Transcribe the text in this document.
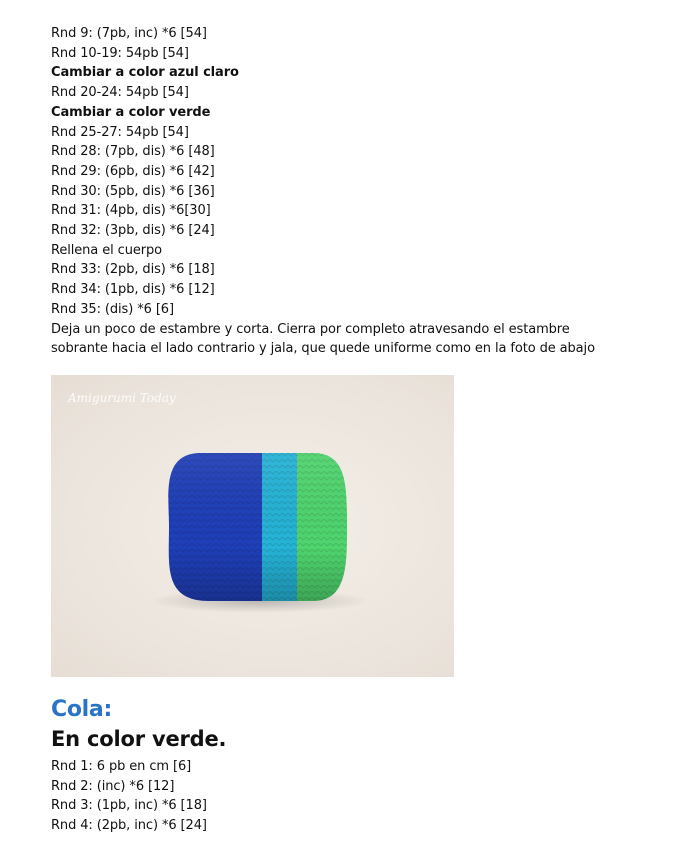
Rnd 9: (7pb, inc) *6 [54]

Rnd 10-19: 54pb [54]

Cambiar a color azul claro

Rnd 20-24: 54pb [54]

Cambiar a color verde

Rnd 25-27: 54pb [54]

Rnd 28: (7pb, dis) *6 [48]

Rnd 29: (6pb, dis) *6 [42]

Rnd 30: (5pb, dis) *6 [36]

Rnd 31: (4pb, dis) *6[30]

Rnd 32: (3pb, dis) *6 [24]

Rellena el cuerpo

Rnd 33: (2pb, dis) *6 [18]

Rnd 34: (1pb, dis) *6 [12]

Rnd 35: (dis) *6 [6]

Deja un poco de estambre y corta. Cierra por completo atravesando el estambre sobrante hacia el lado contrario y jala, que quede uniforme como en la foto de abajo

Amigurumi Today
Cola:
En color verde.

Rnd 1: 6 pb en cm [6]

Rnd 2: (inc) *6 [12]

Rnd 3: (1pb, inc) *6 [18]

Rnd 4: (2pb, inc) *6 [24]
